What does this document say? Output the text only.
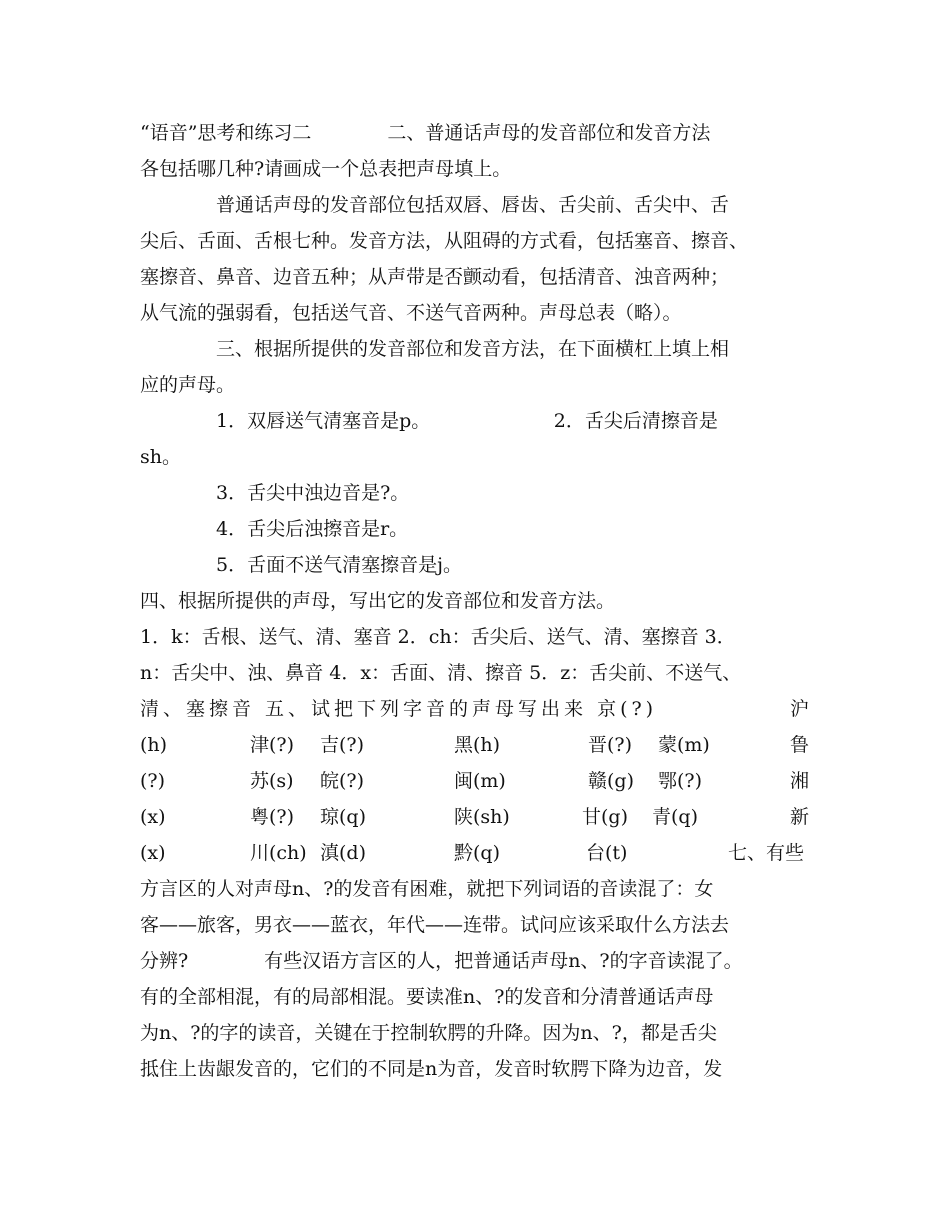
“语音”思考和练习二　　　　二、普通话声母的发音部位和发音方法
各包括哪几种?请画成一个总表把声母填上。
普通话声母的发音部位包括双唇、唇齿、舌尖前、舌尖中、舌
尖后、舌面、舌根七种。发音方法，从阻碍的方式看，包括塞音、擦音、
塞擦音、鼻音、边音五种；从声带是否颤动看，包括清音、浊音两种；
从气流的强弱看，包括送气音、不送气音两种。声母总表（略）。
三、根据所提供的发音部位和发音方法，在下面横杠上填上相
应的声母。
1．双唇送气清塞音是p。　　　　　　　2．舌尖后清擦音是
sh。
3．舌尖中浊边音是?。
4．舌尖后浊擦音是r。
5．舌面不送气清塞擦音是j。
四、根据所提供的声母，写出它的发音部位和发音方法。
1．k：舌根、送气、清、塞音 2．ch：舌尖后、送气、清、塞擦音 3．
n：舌尖中、浊、鼻音 4．x：舌面、清、擦音 5．z：舌尖前、不送气、
清、塞擦音 五、试把下列字音的声母写出来 京(?)	沪
(h)	津(?) 吉(?)	黑(h)	晋(?) 蒙(m)	鲁
(?)	苏(s) 皖(?)	闽(m)	赣(g) 鄂(?)	湘
(x)	粤(?) 琼(q)	陕(sh)	甘(g) 青(q)	新
(x)	川(ch) 滇(d)	黔(q)	台(t)	七、有些
方言区的人对声母n、?的发音有困难，就把下列词语的音读混了：女
客——旅客，男衣——蓝衣，年代——连带。试问应该采取什么方法去
分辨?　　　　有些汉语方言区的人，把普通话声母n、?的字音读混了。
有的全部相混，有的局部相混。要读准n、?的发音和分清普通话声母
为n、?的字的读音，关键在于控制软腭的升降。因为n、?，都是舌尖
抵住上齿龈发音的，它们的不同是n为音，发音时软腭下降为边音，发
